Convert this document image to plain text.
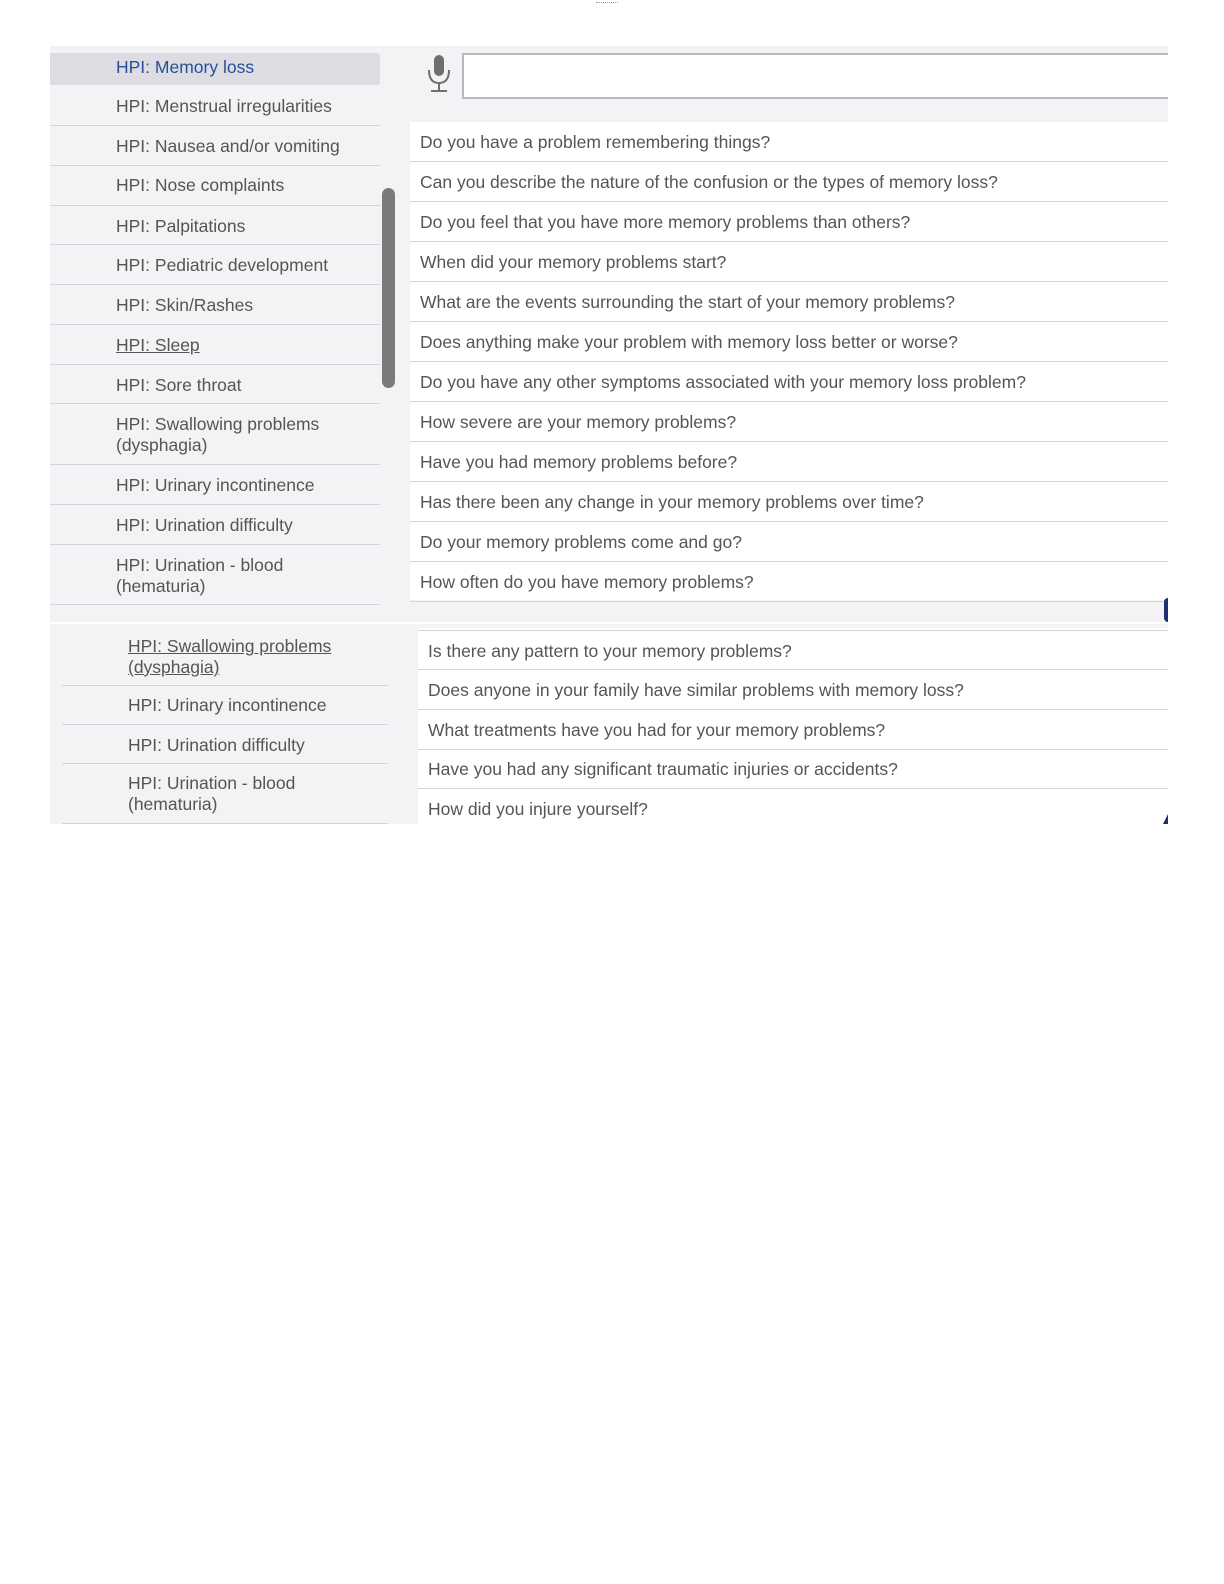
HPI: Memory loss
HPI: Menstrual irregularities
HPI: Nausea and/or vomiting
HPI: Nose complaints
HPI: Palpitations
HPI: Pediatric development
HPI: Skin/Rashes
HPI: Sleep
HPI: Sore throat
HPI: Swallowing problems
(dysphagia)
HPI: Urinary incontinence
HPI: Urination difficulty
HPI: Urination - blood
(hematuria)
Do you have a problem remembering things?
Can you describe the nature of the confusion or the types of memory loss?
Do you feel that you have more memory problems than others?
When did your memory problems start?
What are the events surrounding the start of your memory problems?
Does anything make your problem with memory loss better or worse?
Do you have any other symptoms associated with your memory loss problem?
How severe are your memory problems?
Have you had memory problems before?
Has there been any change in your memory problems over time?
Do your memory problems come and go?
How often do you have memory problems?
HPI: Swallowing problems
(dysphagia)
HPI: Urinary incontinence
HPI: Urination difficulty
HPI: Urination - blood
(hematuria)
Is there any pattern to your memory problems?
Does anyone in your family have similar problems with memory loss?
What treatments have you had for your memory problems?
Have you had any significant traumatic injuries or accidents?
How did you injure yourself?
